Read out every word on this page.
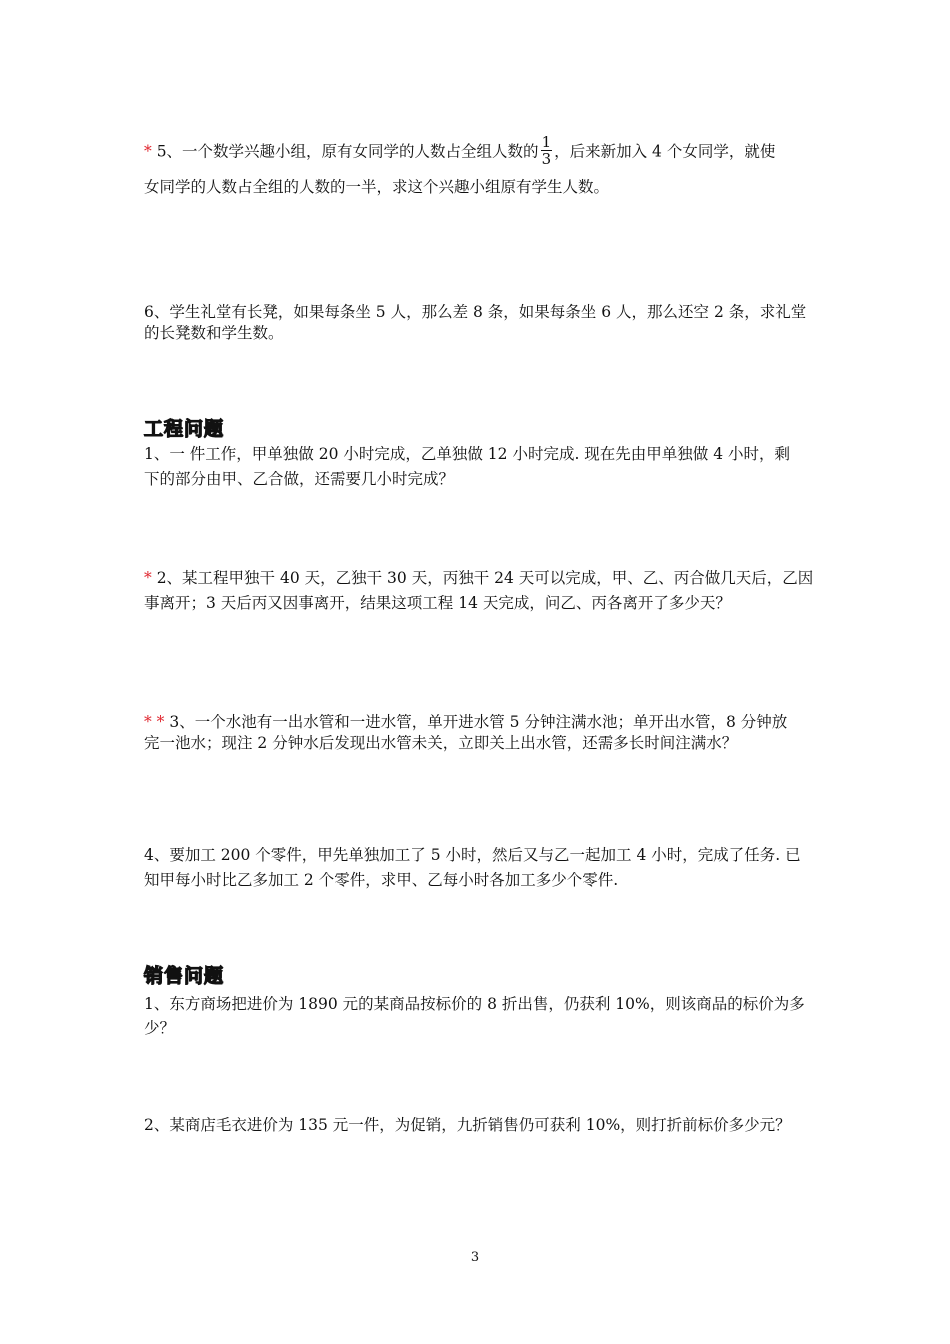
* 5、一个数学兴趣小组，原有女同学的人数占全组人数的 $\frac{1}{3}$ ，后来新加入 4 个女同学，就使
女同学的人数占全组的人数的一半，求这个兴趣小组原有学生人数。
6、学生礼堂有长凳，如果每条坐 5 人，那么差 8 条，如果每条坐 6 人，那么还空 2 条，求礼堂
的长凳数和学生数。
工程问题
1、一 件工作，甲单独做 20 小时完成，乙单独做 12 小时完成. 现在先由甲单独做 4 小时，剩
下的部分由甲、乙合做，还需要几小时完成？
* 2、某工程甲独干 40 天，乙独干 30 天，丙独干 24 天可以完成，甲、乙、丙合做几天后，乙因
事离开；3 天后丙又因事离开，结果这项工程 14 天完成，问乙、丙各离开了多少天？
* * 3、一个水池有一出水管和一进水管，单开进水管 5 分钟注满水池；单开出水管，8 分钟放
完一池水；现注 2 分钟水后发现出水管未关，立即关上出水管，还需多长时间注满水？
4、要加工 200 个零件，甲先单独加工了 5 小时，然后又与乙一起加工 4 小时，完成了任务. 已
知甲每小时比乙多加工 2 个零件，求甲、乙每小时各加工多少个零件.
销售问题
1、东方商场把进价为 1890 元的某商品按标价的 8 折出售，仍获利 10%，则该商品的标价为多
少？
2、某商店毛衣进价为 135 元一件，为促销，九折销售仍可获利 10%，则打折前标价多少元？
3
